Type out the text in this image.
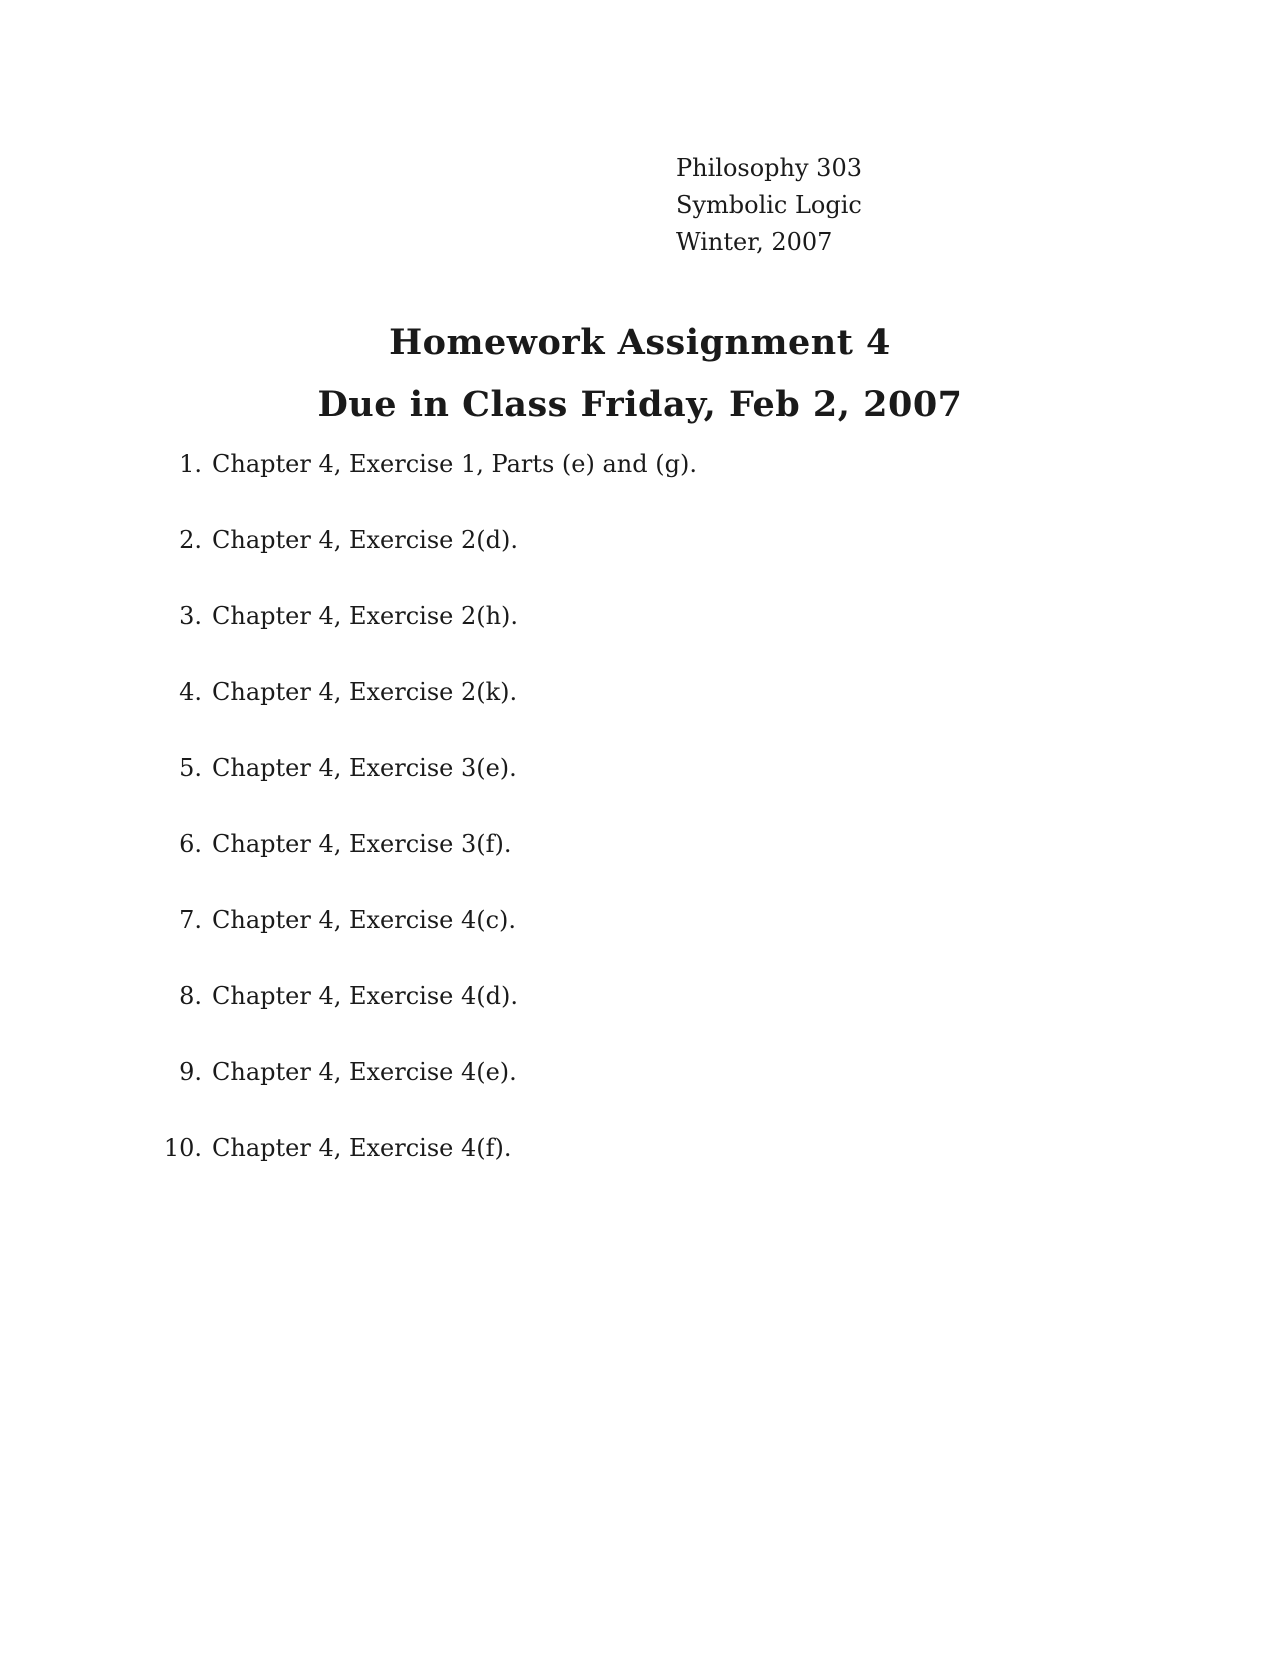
Philosophy 303
Symbolic Logic
Winter, 2007
Homework Assignment 4
Due in Class Friday, Feb 2, 2007
1. Chapter 4, Exercise 1, Parts (e) and (g).
2. Chapter 4, Exercise 2(d).
3. Chapter 4, Exercise 2(h).
4. Chapter 4, Exercise 2(k).
5. Chapter 4, Exercise 3(e).
6. Chapter 4, Exercise 3(f).
7. Chapter 4, Exercise 4(c).
8. Chapter 4, Exercise 4(d).
9. Chapter 4, Exercise 4(e).
10. Chapter 4, Exercise 4(f).
